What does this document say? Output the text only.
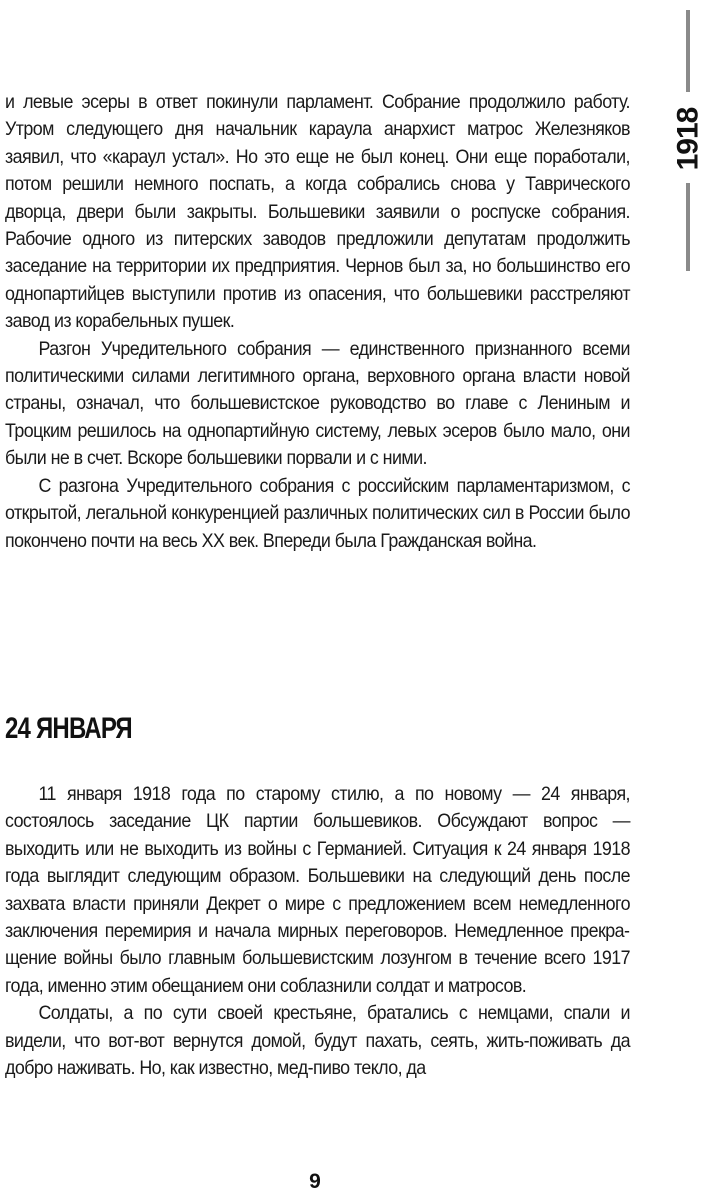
1918

и левые эсеры в ответ покинули парламент. Собрание продолжило работу. Утром следующего дня начальник караула анархист матрос Железняков заявил, что «караул устал». Но это еще не был конец. Они еще поработали, потом решили немного поспать, а когда собрались снова у Таврического дворца, двери были закрыты. Большевики заявили о роспуске собрания. Рабочие одного из питерских заводов предложили депутатам продолжить заседание на территории их предприятия. Чернов был за, но большинство его однопартийцев выступили против из опасения, что большевики расстреляют завод из корабельных пушек.

Разгон Учредительного собрания — единственного признанного всеми политическими силами легитимного органа, верховного органа власти новой страны, означал, что большевистское руководство во главе с Лениным и Троцким решилось на однопартийную систему, левых эсеров было мало, они были не в счет. Вскоре большевики порвали и с ними.

С разгона Учредительного собрания с российским парламентаризмом, с открытой, легальной конкуренцией различных политических сил в России было покончено почти на весь XX век. Впереди была Гражданская война.

24 ЯНВАРЯ

11 января 1918 года по старому стилю, а по новому — 24 января, состоялось заседание ЦК партии большевиков. Обсуждают вопрос — выходить или не выходить из войны с Германией. Ситуация к 24 января 1918 года выглядит следующим образом. Большевики на следующий день после захвата власти приняли Декрет о мире с предложением всем немедленного заключения перемирия и начала мирных переговоров. Немедленное прекращение войны было главным большевистским лозунгом в течение всего 1917 года, именно этим обещанием они соблазнили солдат и матросов.

Солдаты, а по сути своей крестьяне, братались с немцами, спали и видели, что вот-вот вернутся домой, будут пахать, сеять, жить-поживать да добро наживать. Но, как известно, мед-пиво текло, да

9
